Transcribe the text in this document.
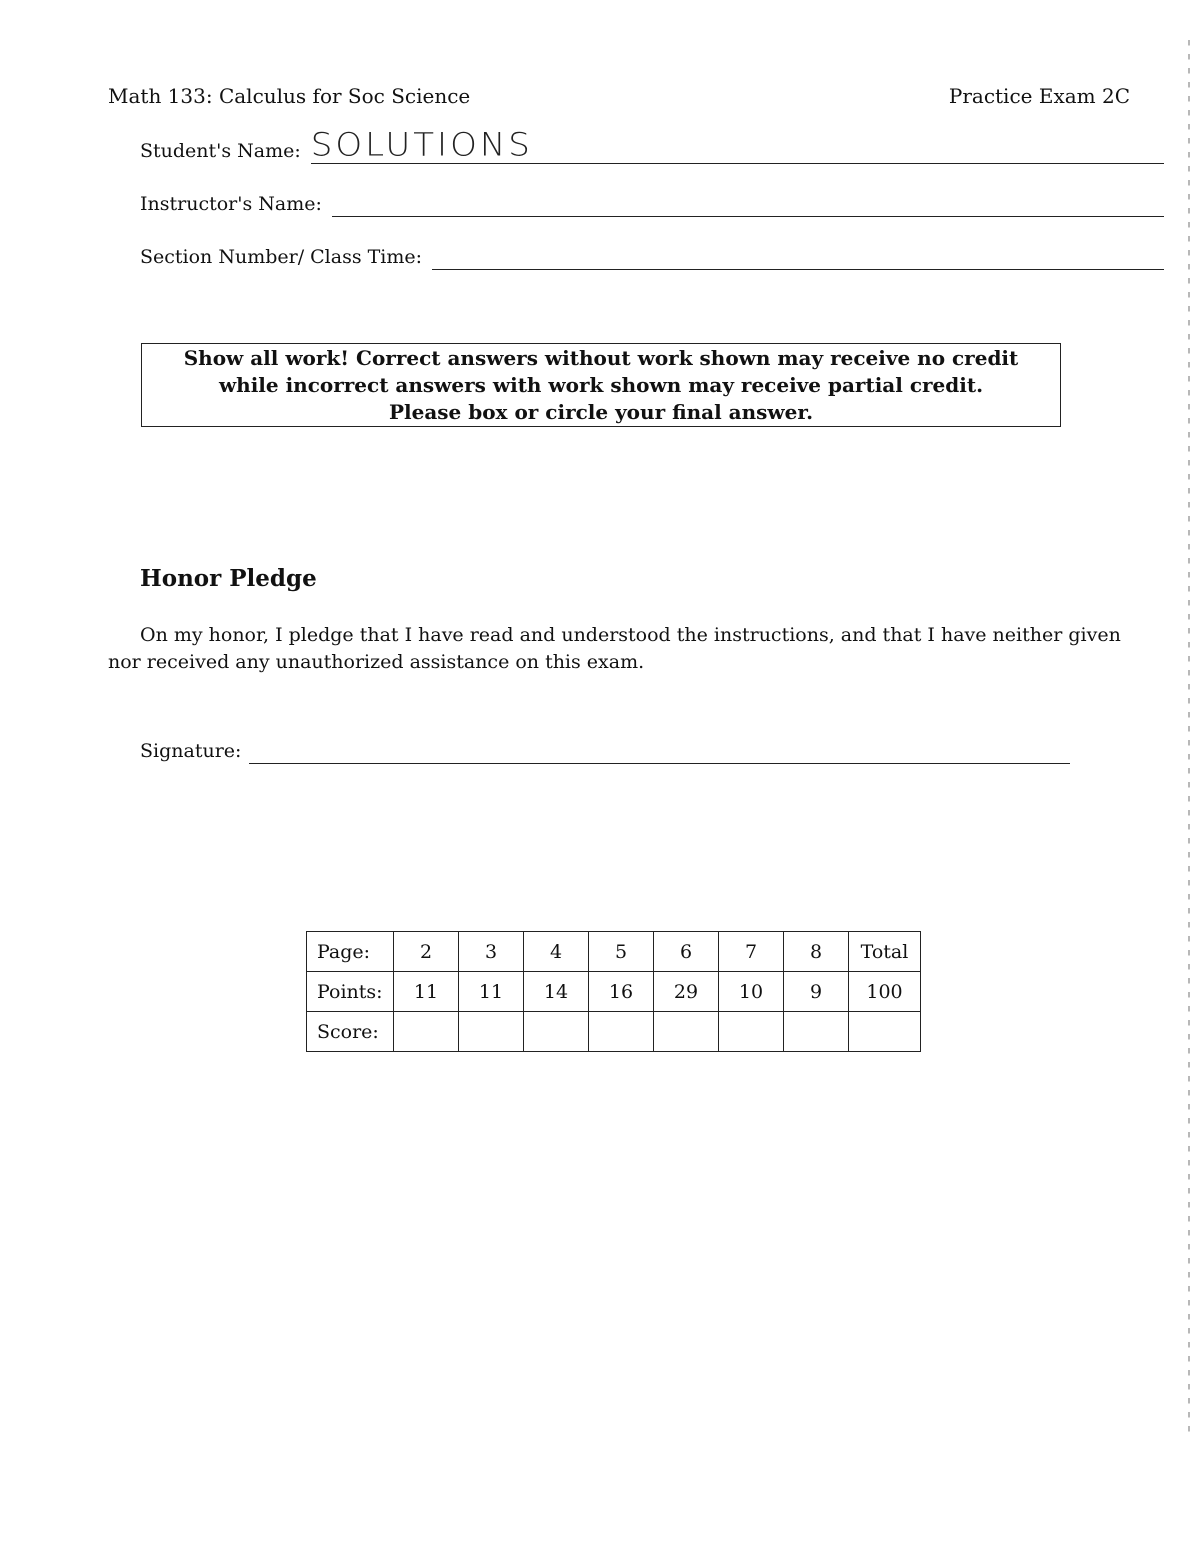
Math 133: Calculus for Soc Science	Practice Exam 2C
Student's Name: SOLUTIONS
Instructor's Name:
Section Number/ Class Time:
Show all work! Correct answers without work shown may receive no credit
while incorrect answers with work shown may receive partial credit.
Please box or circle your final answer.
Honor Pledge
On my honor, I pledge that I have read and understood the instructions, and that I have neither given nor received any unauthorized assistance on this exam.
Signature:
Page:	2	3	4	5	6	7	8	Total
Points:	11	11	14	16	29	10	9	100
Score:								
